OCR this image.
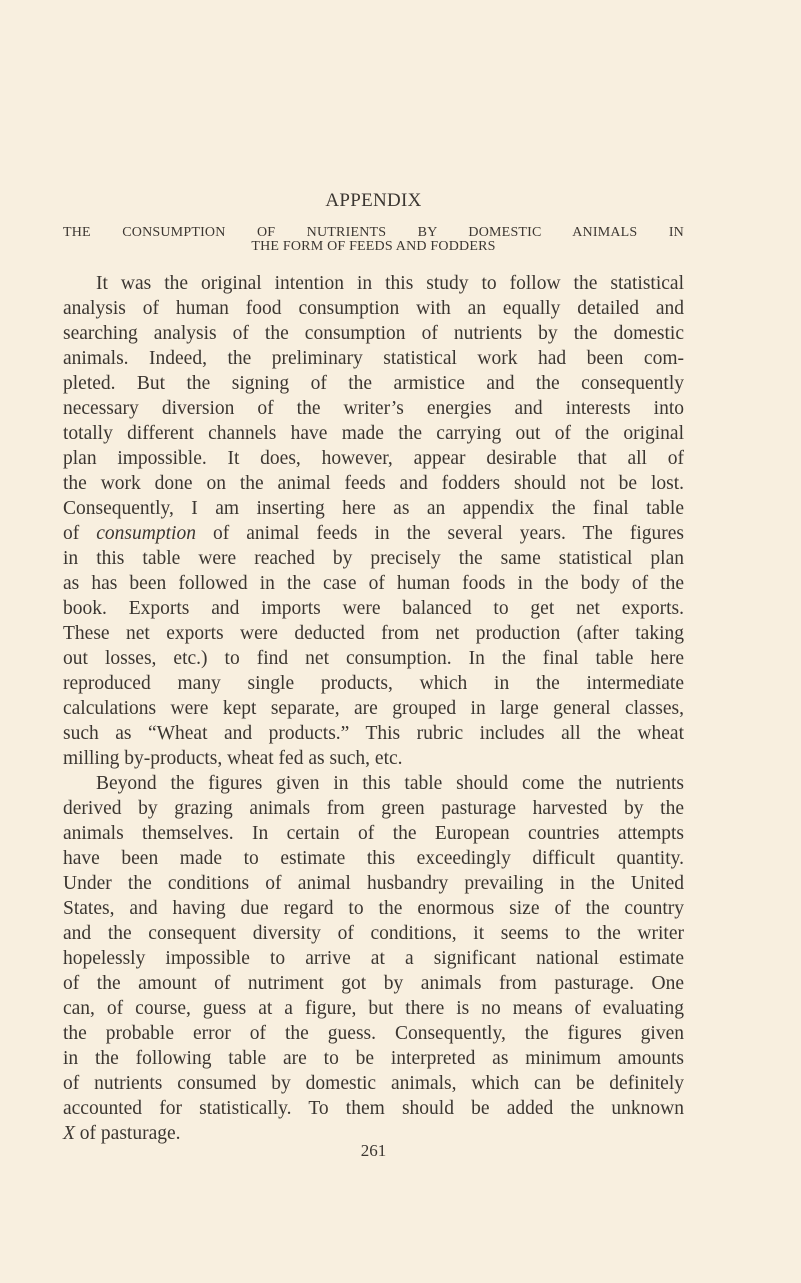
APPENDIX
THE CONSUMPTION OF NUTRIENTS BY DOMESTIC ANIMALS IN
THE FORM OF FEEDS AND FODDERS
It was the original intention in this study to follow the statistical
analysis of human food consumption with an equally detailed and
searching analysis of the consumption of nutrients by the domestic
animals. Indeed, the preliminary statistical work had been com-
pleted. But the signing of the armistice and the consequently
necessary diversion of the writer’s energies and interests into
totally different channels have made the carrying out of the original
plan impossible. It does, however, appear desirable that all of
the work done on the animal feeds and fodders should not be lost.
Consequently, I am inserting here as an appendix the final table
of consumption of animal feeds in the several years. The figures
in this table were reached by precisely the same statistical plan
as has been followed in the case of human foods in the body of the
book. Exports and imports were balanced to get net exports.
These net exports were deducted from net production (after taking
out losses, etc.) to find net consumption. In the final table here
reproduced many single products, which in the intermediate
calculations were kept separate, are grouped in large general classes,
such as “Wheat and products.” This rubric includes all the wheat
milling by-products, wheat fed as such, etc.
Beyond the figures given in this table should come the nutrients
derived by grazing animals from green pasturage harvested by the
animals themselves. In certain of the European countries attempts
have been made to estimate this exceedingly difficult quantity.
Under the conditions of animal husbandry prevailing in the United
States, and having due regard to the enormous size of the country
and the consequent diversity of conditions, it seems to the writer
hopelessly impossible to arrive at a significant national estimate
of the amount of nutriment got by animals from pasturage. One
can, of course, guess at a figure, but there is no means of evaluating
the probable error of the guess. Consequently, the figures given
in the following table are to be interpreted as minimum amounts
of nutrients consumed by domestic animals, which can be definitely
accounted for statistically. To them should be added the unknown
X of pasturage.
261
